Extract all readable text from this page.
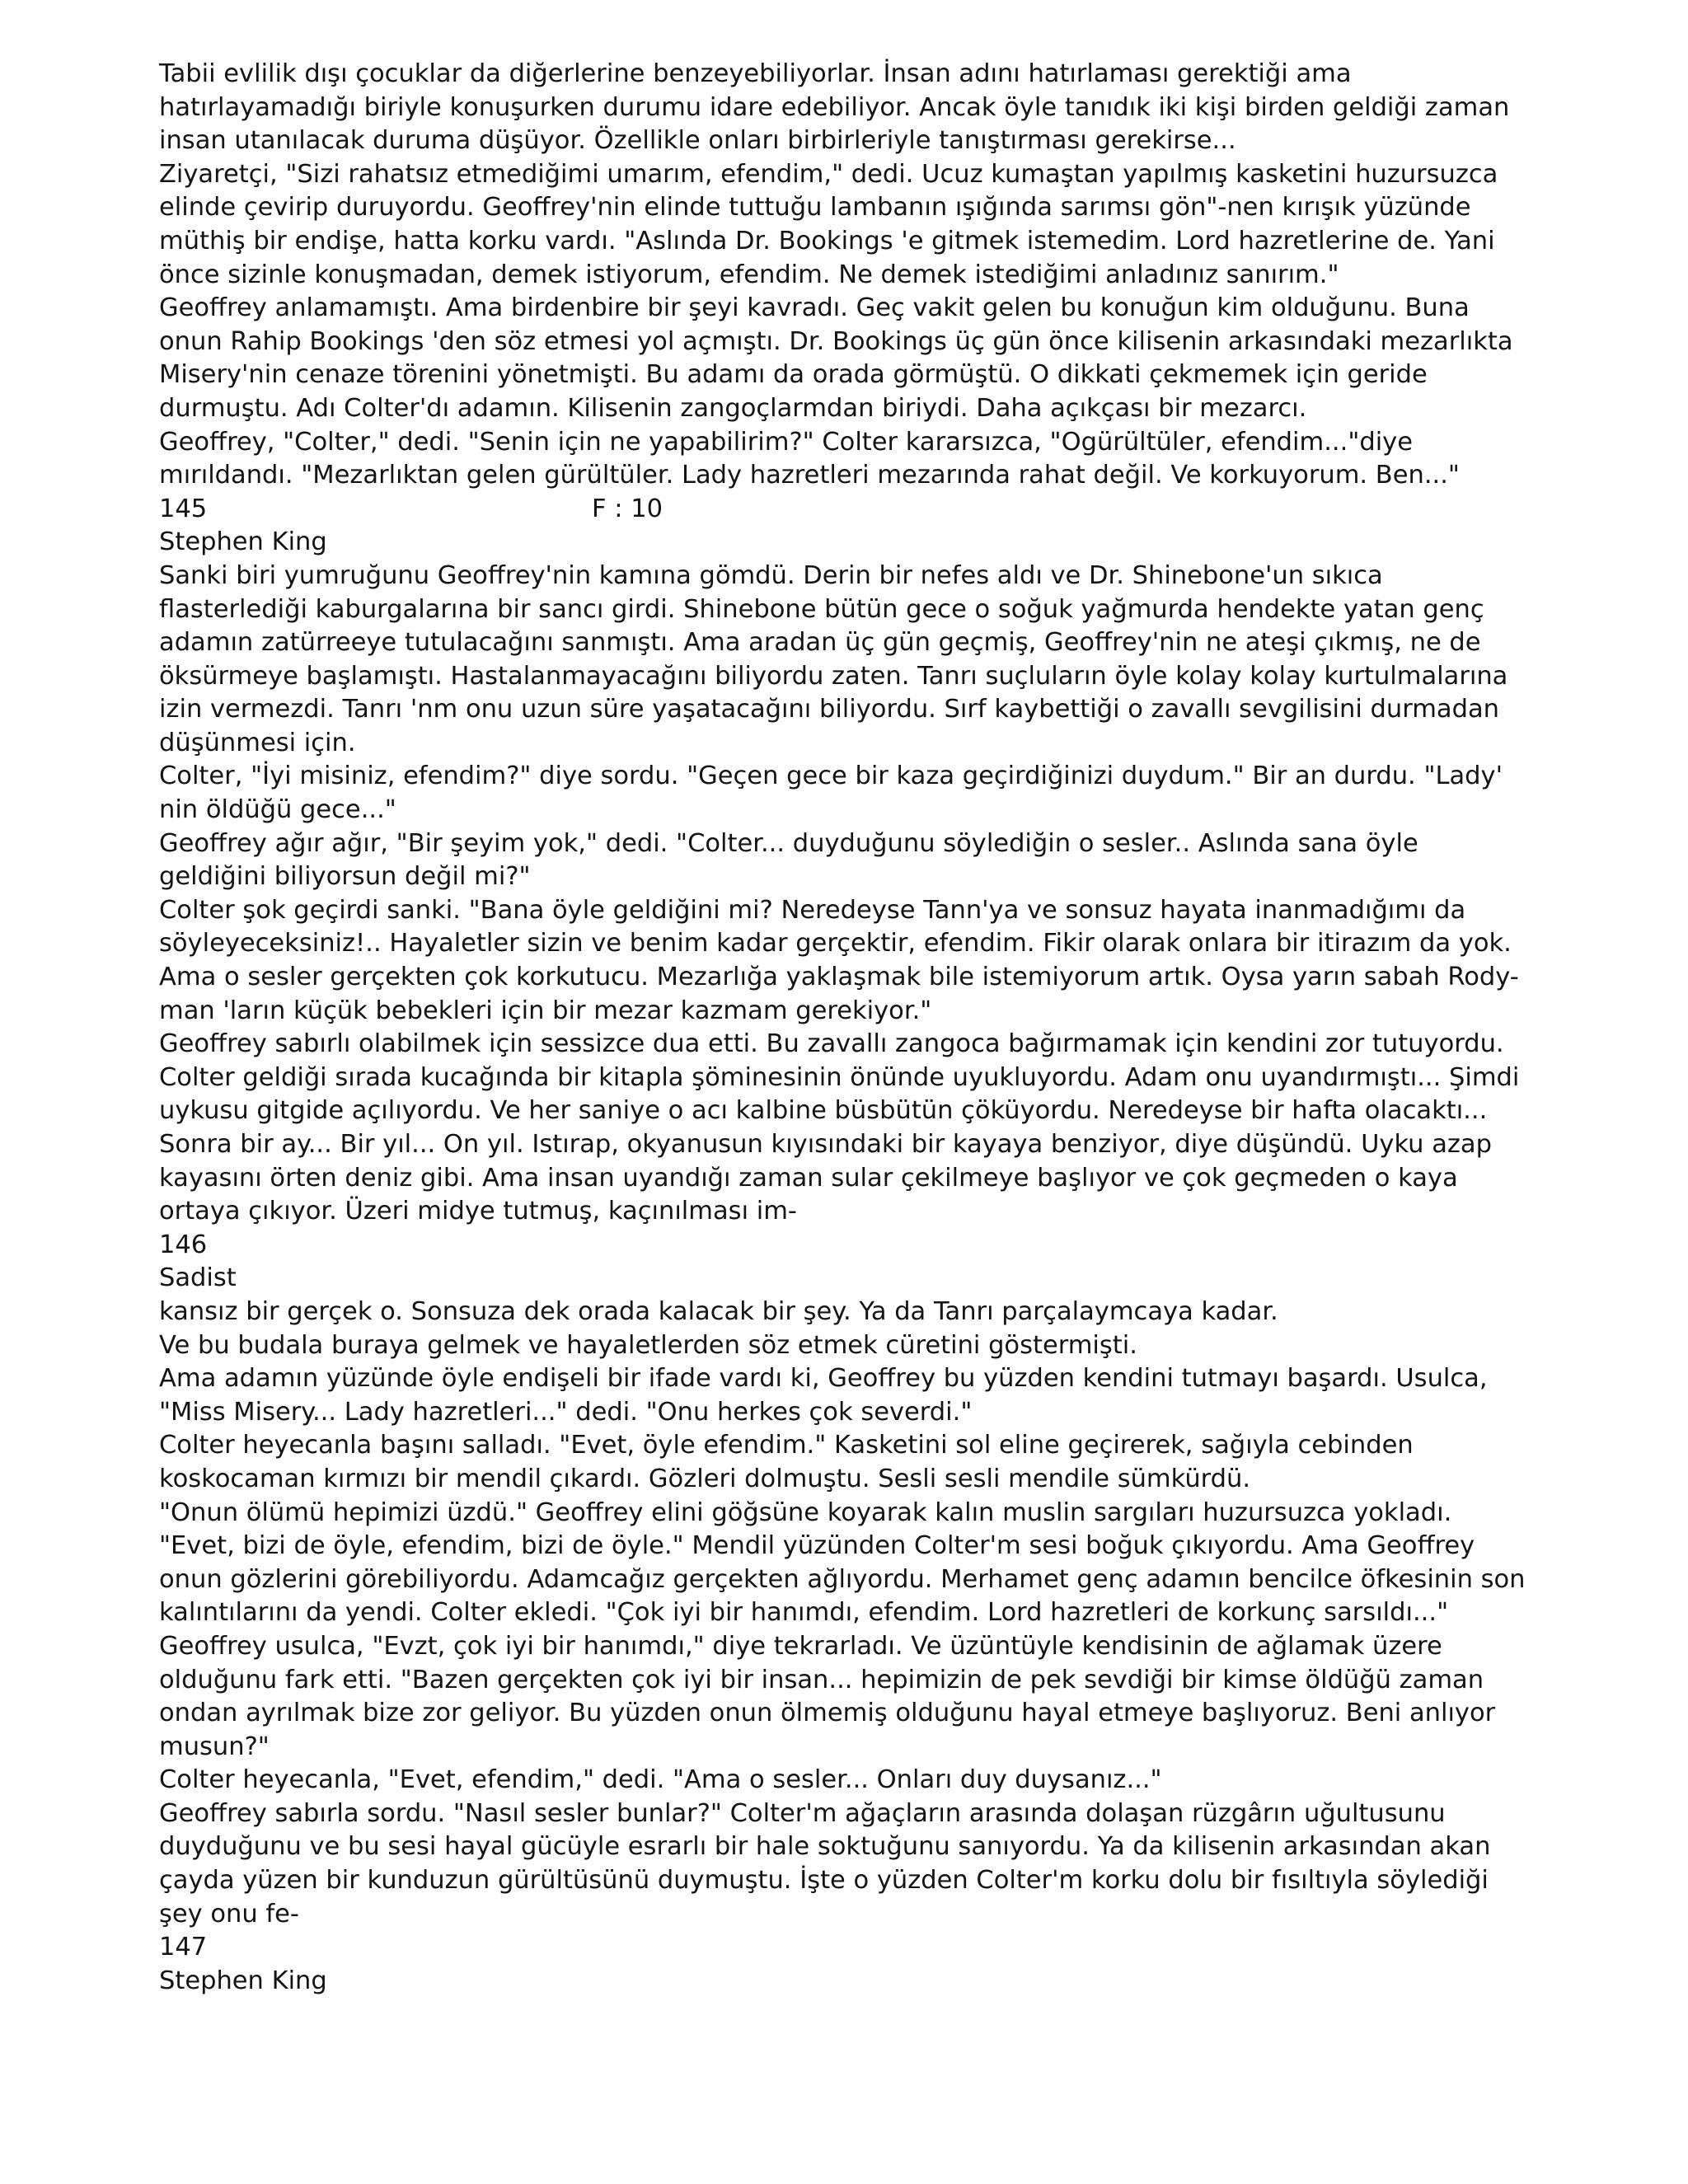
Tabii evlilik dışı çocuklar da diğerlerine benzeyebiliyorlar. İnsan adını hatırlaması gerektiği ama

hatırlayamadığı biriyle konuşurken durumu idare edebiliyor. Ancak öyle tanıdık iki kişi birden geldiği zaman

insan utanılacak duruma düşüyor. Özellikle onları birbirleriyle tanıştırması gerekirse...

Ziyaretçi, "Sizi rahatsız etmediğimi umarım, efendim," dedi. Ucuz kumaştan yapılmış kasketini huzursuzca

elinde çevirip duruyordu. Geoffrey'nin elinde tuttuğu lambanın ışığında sarımsı gön"-nen kırışık yüzünde

müthiş bir endişe, hatta korku vardı. "Aslında Dr. Bookings 'e gitmek istemedim. Lord hazretlerine de. Yani

önce sizinle konuşmadan, demek istiyorum, efendim. Ne demek istediğimi anladınız sanırım."

Geoffrey anlamamıştı. Ama birdenbire bir şeyi kavradı. Geç vakit gelen bu konuğun kim olduğunu. Buna

onun Rahip Bookings 'den söz etmesi yol açmıştı. Dr. Bookings üç gün önce kilisenin arkasındaki mezarlıkta

Misery'nin cenaze törenini yönetmişti. Bu adamı da orada görmüştü. O dikkati çekmemek için geride

durmuştu. Adı Colter'dı adamın. Kilisenin zangoçlarmdan biriydi. Daha açıkçası bir mezarcı.

Geoffrey, "Colter," dedi. "Senin için ne yapabilirim?" Colter kararsızca, "Ogürültüler, efendim..."diye

mırıldandı. "Mezarlıktan gelen gürültüler. Lady hazretleri mezarında rahat değil. Ve korkuyorum. Ben..."

145	F : 10

Stephen King

Sanki biri yumruğunu Geoffrey'nin kamına gömdü. Derin bir nefes aldı ve Dr. Shinebone'un sıkıca

flasterlediği kaburgalarına bir sancı girdi. Shinebone bütün gece o soğuk yağmurda hendekte yatan genç

adamın zatürreeye tutulacağını sanmıştı. Ama aradan üç gün geçmiş, Geoffrey'nin ne ateşi çıkmış, ne de

öksürmeye başlamıştı. Hastalanmayacağını biliyordu zaten. Tanrı suçluların öyle kolay kolay kurtulmalarına

izin vermezdi. Tanrı 'nm onu uzun süre yaşatacağını biliyordu. Sırf kaybettiği o zavallı sevgilisini durmadan

düşünmesi için.

Colter, "İyi misiniz, efendim?" diye sordu. "Geçen gece bir kaza geçirdiğinizi duydum." Bir an durdu. "Lady'

nin öldüğü gece..."

Geoffrey ağır ağır, "Bir şeyim yok," dedi. "Colter... duyduğunu söylediğin o sesler.. Aslında sana öyle

geldiğini biliyorsun değil mi?"

Colter şok geçirdi sanki. "Bana öyle geldiğini mi? Neredeyse Tann'ya ve sonsuz hayata inanmadığımı da

söyleyeceksiniz!.. Hayaletler sizin ve benim kadar gerçektir, efendim. Fikir olarak onlara bir itirazım da yok.

Ama o sesler gerçekten çok korkutucu. Mezarlığa yaklaşmak bile istemiyorum artık. Oysa yarın sabah Rody-

man 'ların küçük bebekleri için bir mezar kazmam gerekiyor."

Geoffrey sabırlı olabilmek için sessizce dua etti. Bu zavallı zangoca bağırmamak için kendini zor tutuyordu.

Colter geldiği sırada kucağında bir kitapla şöminesinin önünde uyukluyordu. Adam onu uyandırmıştı... Şimdi

uykusu gitgide açılıyordu. Ve her saniye o acı kalbine büsbütün çöküyordu. Neredeyse bir hafta olacaktı...

Sonra bir ay... Bir yıl... On yıl. Istırap, okyanusun kıyısındaki bir kayaya benziyor, diye düşündü. Uyku azap

kayasını örten deniz gibi. Ama insan uyandığı zaman sular çekilmeye başlıyor ve çok geçmeden o kaya

ortaya çıkıyor. Üzeri midye tutmuş, kaçınılması im-

146

Sadist

kansız bir gerçek o. Sonsuza dek orada kalacak bir şey. Ya da Tanrı parçalaymcaya kadar.

Ve bu budala buraya gelmek ve hayaletlerden söz etmek cüretini göstermişti.

Ama adamın yüzünde öyle endişeli bir ifade vardı ki, Geoffrey bu yüzden kendini tutmayı başardı. Usulca,

"Miss Misery... Lady hazretleri..." dedi. "Onu herkes çok severdi."

Colter heyecanla başını salladı. "Evet, öyle efendim." Kasketini sol eline geçirerek, sağıyla cebinden

koskocaman kırmızı bir mendil çıkardı. Gözleri dolmuştu. Sesli sesli mendile sümkürdü.

"Onun ölümü hepimizi üzdü." Geoffrey elini göğsüne koyarak kalın muslin sargıları huzursuzca yokladı.

"Evet, bizi de öyle, efendim, bizi de öyle." Mendil yüzünden Colter'm sesi boğuk çıkıyordu. Ama Geoffrey

onun gözlerini görebiliyordu. Adamcağız gerçekten ağlıyordu. Merhamet genç adamın bencilce öfkesinin son

kalıntılarını da yendi. Colter ekledi. "Çok iyi bir hanımdı, efendim. Lord hazretleri de korkunç sarsıldı..."

Geoffrey usulca, "Evzt, çok iyi bir hanımdı," diye tekrarladı. Ve üzüntüyle kendisinin de ağlamak üzere

olduğunu fark etti. "Bazen gerçekten çok iyi bir insan... hepimizin de pek sevdiği bir kimse öldüğü zaman

ondan ayrılmak bize zor geliyor. Bu yüzden onun ölmemiş olduğunu hayal etmeye başlıyoruz. Beni anlıyor

musun?"

Colter heyecanla, "Evet, efendim," dedi. "Ama o sesler... Onları duy duysanız..."

Geoffrey sabırla sordu. "Nasıl sesler bunlar?" Colter'm ağaçların arasında dolaşan rüzgârın uğultusunu

duyduğunu ve bu sesi hayal gücüyle esrarlı bir hale soktuğunu sanıyordu. Ya da kilisenin arkasından akan

çayda yüzen bir kunduzun gürültüsünü duymuştu. İşte o yüzden Colter'm korku dolu bir fısıltıyla söylediği

şey onu fe-

147

Stephen King
